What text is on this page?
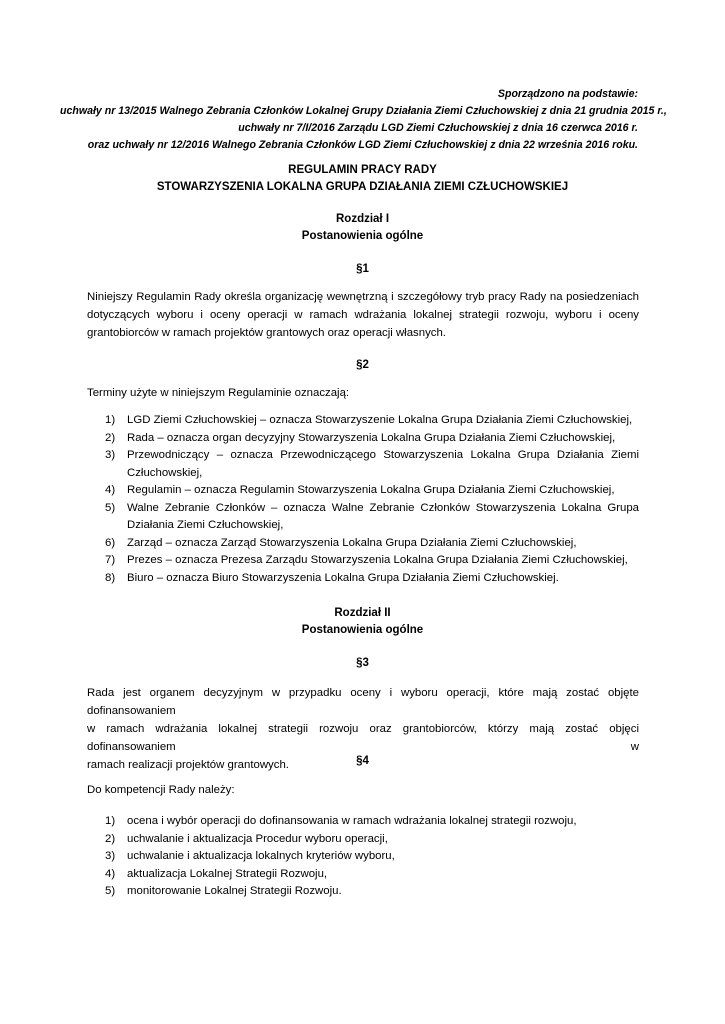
Sporządzono na podstawie:
uchwały nr 13/2015 Walnego Zebrania Członków Lokalnej Grupy Działania Ziemi Człuchowskiej z dnia 21 grudnia 2015 r.,
uchwały nr 7/I/2016 Zarządu LGD Ziemi Człuchowskiej z dnia 16 czerwca 2016 r.
oraz uchwały nr 12/2016 Walnego Zebrania Członków LGD Ziemi Człuchowskiej z dnia 22 września 2016 roku.
REGULAMIN PRACY RADY
STOWARZYSZENIA LOKALNA GRUPA DZIAŁANIA ZIEMI CZŁUCHOWSKIEJ
Rozdział I
Postanowienia ogólne
§1
Niniejszy Regulamin Rady określa organizację wewnętrzną i szczegółowy tryb pracy Rady na posiedzeniach
dotyczących wyboru i oceny operacji w ramach wdrażania lokalnej strategii rozwoju, wyboru i oceny
grantobiorców w ramach projektów grantowych oraz operacji własnych.
§2
Terminy użyte w niniejszym Regulaminie oznaczają:
1) LGD Ziemi Człuchowskiej – oznacza Stowarzyszenie Lokalna Grupa Działania Ziemi Człuchowskiej,
2) Rada – oznacza organ decyzyjny Stowarzyszenia Lokalna Grupa Działania Ziemi Człuchowskiej,
3) Przewodniczący – oznacza Przewodniczącego Stowarzyszenia Lokalna Grupa Działania Ziemi Człuchowskiej,
4) Regulamin – oznacza Regulamin Stowarzyszenia Lokalna Grupa Działania Ziemi Człuchowskiej,
5) Walne Zebranie Członków – oznacza Walne Zebranie Członków Stowarzyszenia Lokalna Grupa Działania Ziemi Człuchowskiej,
6) Zarząd – oznacza Zarząd Stowarzyszenia Lokalna Grupa Działania Ziemi Człuchowskiej,
7) Prezes – oznacza Prezesa Zarządu Stowarzyszenia Lokalna Grupa Działania Ziemi Człuchowskiej,
8) Biuro – oznacza Biuro Stowarzyszenia Lokalna Grupa Działania Ziemi Człuchowskiej.
Rozdział II
Postanowienia ogólne
§3
Rada jest organem decyzyjnym w przypadku oceny i wyboru operacji, które mają zostać objęte dofinansowaniem
w ramach wdrażania lokalnej strategii rozwoju oraz grantobiorców, którzy mają zostać objęci dofinansowaniem w
ramach realizacji projektów grantowych.	§4
Do kompetencji Rady należy:
1) ocena i wybór operacji do dofinansowania w ramach wdrażania lokalnej strategii rozwoju,
2) uchwalanie i aktualizacja Procedur wyboru operacji,
3) uchwalanie i aktualizacja lokalnych kryteriów wyboru,
4) aktualizacja Lokalnej Strategii Rozwoju,
5) monitorowanie Lokalnej Strategii Rozwoju.
